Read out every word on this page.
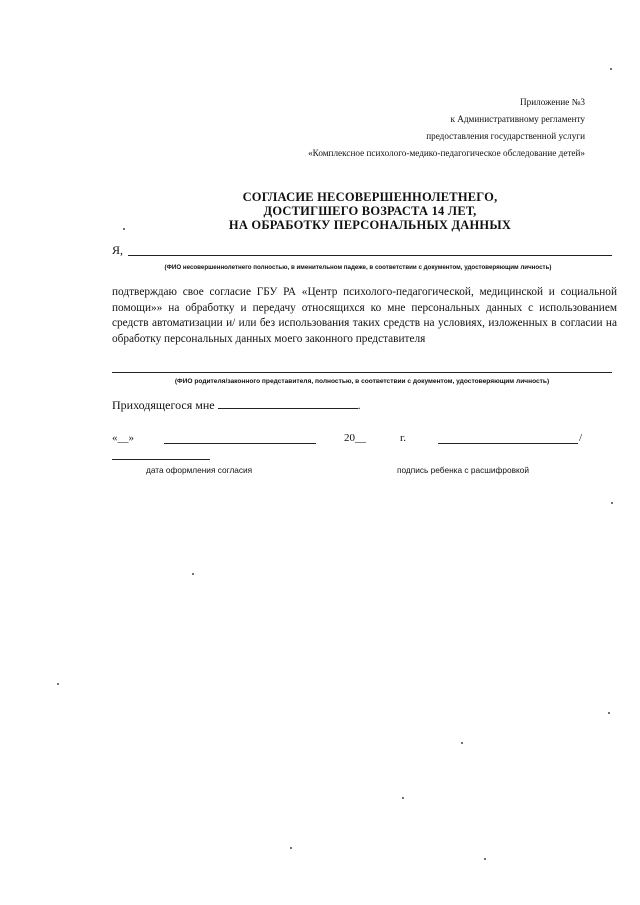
Приложение №3
к Административному регламенту
предоставления государственной услуги
«Комплексное психолого-медико-педагогическое обследование детей»
СОГЛАСИЕ НЕСОВЕРШЕННОЛЕТНЕГО,
ДОСТИГШЕГО ВОЗРАСТА 14 ЛЕТ,
НА ОБРАБОТКУ ПЕРСОНАЛЬНЫХ ДАННЫХ
Я,
(ФИО несовершеннолетнего полностью, в именительном падеже, в соответствии с документом, удостоверяющим личность)
подтверждаю свое согласие ГБУ РА «Центр психолого-педагогической, медицинской и социальной помощи»» на обработку и передачу относящихся ко мне персональных данных с использованием средств автоматизации и/ или без использования таких средств на условиях, изложенных в согласии на обработку персональных данных моего законного представителя
(ФИО родителя/законного представителя, полностью, в соответствии с документом, удостоверяющим личность)
Приходящегося мне	.
«__»	20__	г.	/
дата оформления согласия	подпись ребенка с расшифровкой
